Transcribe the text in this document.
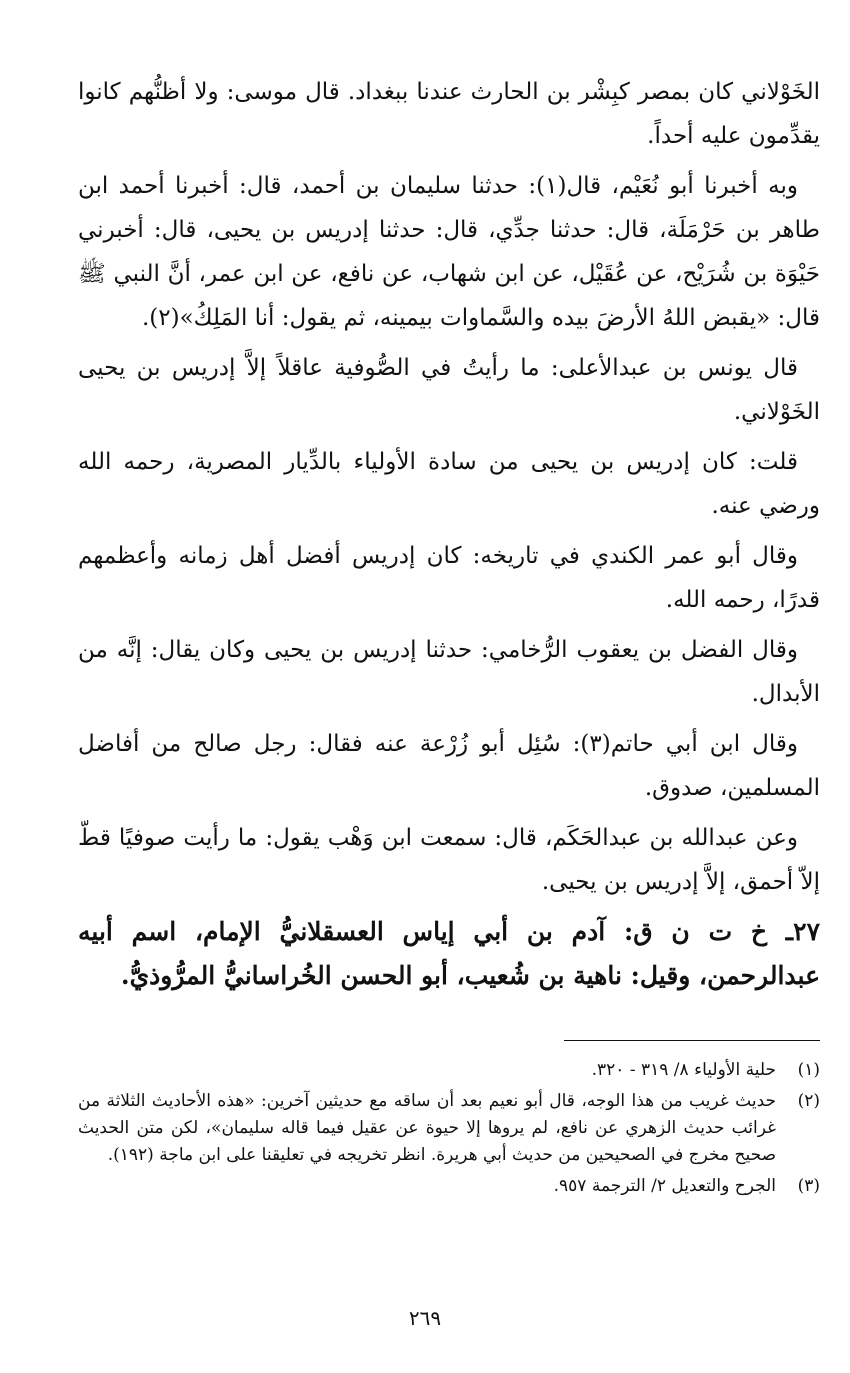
الخَوْلاني كان بمصر كبِشْر بن الحارث عندنا ببغداد. قال موسى: ولا أظنُّهم كانوا يقدِّمون عليه أحداً.

وبه أخبرنا أبو نُعَيْم، قال(١): حدثنا سليمان بن أحمد، قال: أخبرنا أحمد ابن طاهر بن حَرْمَلَة، قال: حدثنا جدِّي، قال: حدثنا إدريس بن يحيى، قال: أخبرني حَيْوَة بن شُرَيْح، عن عُقَيْل، عن ابن شهاب، عن نافع، عن ابن عمر، أنَّ النبي ﷺ قال: «يقبض اللهُ الأرضَ بيده والسَّماوات بيمينه، ثم يقول: أنا المَلِكُ»(٢).

قال يونس بن عبدالأعلى: ما رأيتُ في الصُّوفية عاقلاً إلاَّ إدريس بن يحيى الخَوْلاني.

قلت: كان إدريس بن يحيى من سادة الأولياء بالدِّيار المصرية، رحمه الله ورضي عنه.

وقال أبو عمر الكندي في تاريخه: كان إدريس أفضل أهل زمانه وأعظمهم قدرًا، رحمه الله.

وقال الفضل بن يعقوب الرُّخامي: حدثنا إدريس بن يحيى وكان يقال: إنَّه من الأبدال.

وقال ابن أبي حاتم(٣): سُئِل أبو زُرْعة عنه فقال: رجل صالح من أفاضل المسلمين، صدوق.

وعن عبدالله بن عبدالحَكَم، قال: سمعت ابن وَهْب يقول: ما رأيت صوفيًا قطّ إلاّ أحمق، إلاَّ إدريس بن يحيى.

٢٧ـ خ ت ن ق: آدم بن أبي إياس العسقلانيُّ الإمام، اسم أبيه عبدالرحمن، وقيل: ناهية بن شُعيب، أبو الحسن الخُراسانيُّ المرُّوذيُّ.

(١)
حلية الأولياء ٨/ ٣١٩ - ٣٢٠.
(٢)
حديث غريب من هذا الوجه، قال أبو نعيم بعد أن ساقه مع حديثين آخرين: «هذه الأحاديث الثلاثة من غرائب حديث الزهري عن نافع، لم يروها إلا حيوة عن عقيل فيما قاله سليمان»، لكن متن الحديث صحيح مخرج في الصحيحين من حديث أبي هريرة. انظر تخريجه في تعليقنا على ابن ماجة (١٩٢).
(٣)
الجرح والتعديل ٢/ الترجمة ٩٥٧.
٢٦٩
